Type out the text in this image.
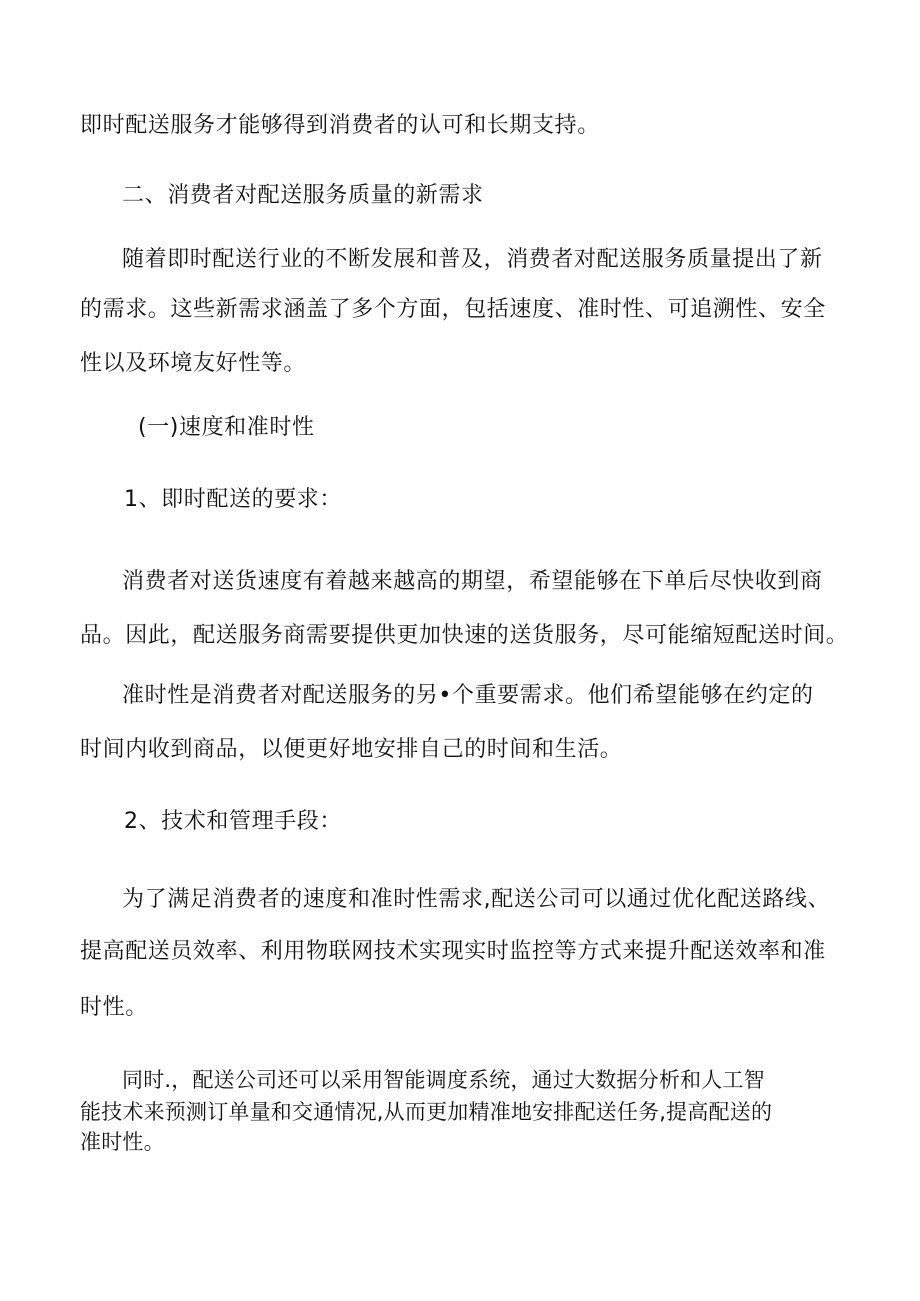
即时配送服务才能够得到消费者的认可和长期支持。
二、消费者对配送服务质量的新需求
随着即时配送行业的不断发展和普及，消费者对配送服务质量提出了新
的需求。这些新需求涵盖了多个方面，包括速度、准时性、可追溯性、安全
性以及环境友好性等。
(一)速度和准时性
1、即时配送的要求：
消费者对送货速度有着越来越高的期望，希望能够在下单后尽快收到商
品。因此，配送服务商需要提供更加快速的送货服务，尽可能缩短配送时间。
准时性是消费者对配送服务的另•个重要需求。他们希望能够在约定的
时间内收到商品，以便更好地安排自己的时间和生活。
2、技术和管理手段：
为了满足消费者的速度和准时性需求,配送公司可以通过优化配送路线、
提高配送员效率、利用物联网技术实现实时监控等方式来提升配送效率和准
时性。
同时.，配送公司还可以采用智能调度系统，通过大数据分析和人工智
能技术来预测订单量和交通情况,从而更加精准地安排配送任务,提高配送的
准时性。
